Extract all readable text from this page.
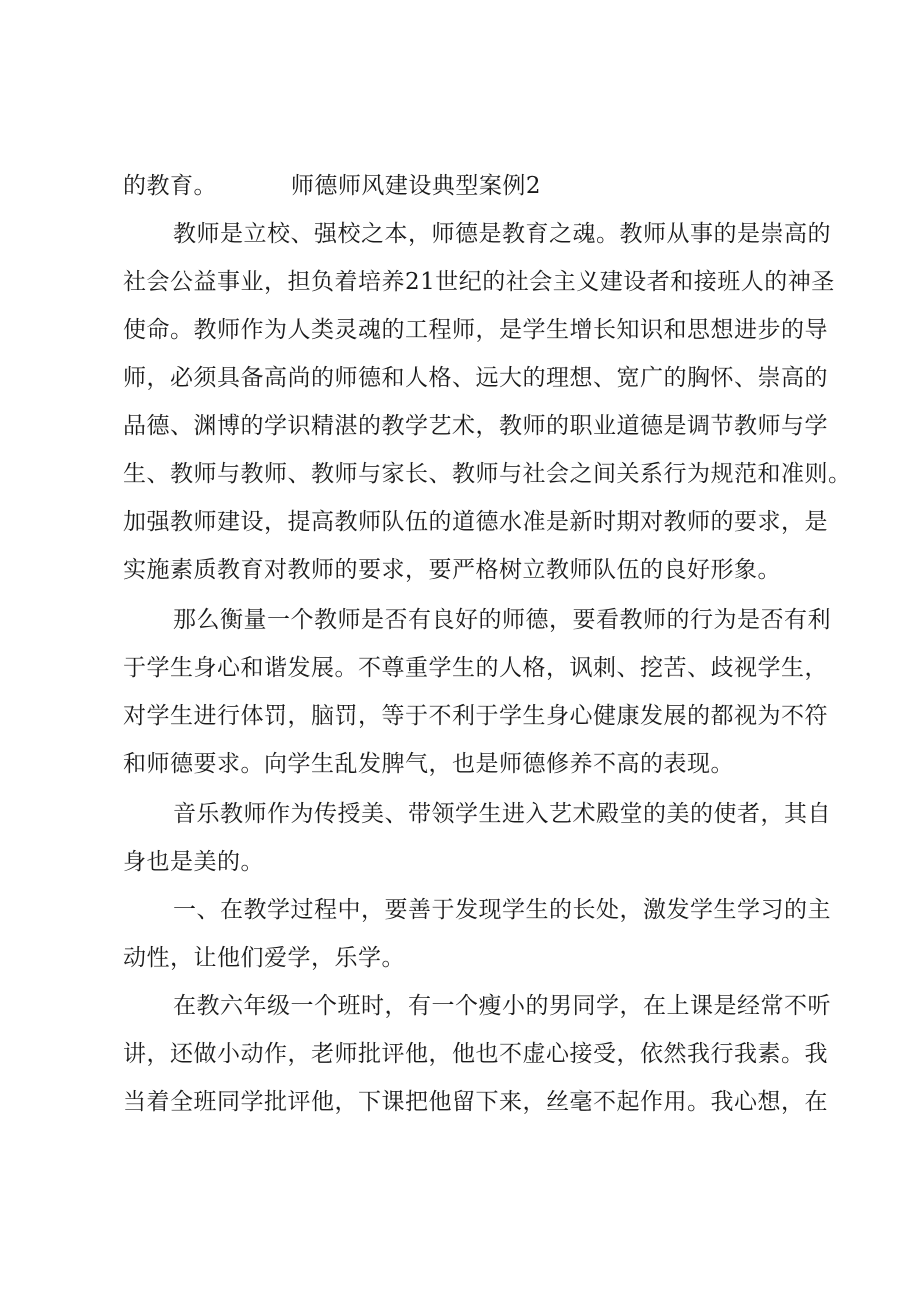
的教育。	师德师风建设典型案例2
教师是立校、强校之本，师德是教育之魂。教师从事的是崇高的
社会公益事业，担负着培养21世纪的社会主义建设者和接班人的神圣
使命。教师作为人类灵魂的工程师，是学生增长知识和思想进步的导
师，必须具备高尚的师德和人格、远大的理想、宽广的胸怀、崇高的
品德、渊博的学识精湛的教学艺术，教师的职业道德是调节教师与学
生、教师与教师、教师与家长、教师与社会之间关系行为规范和准则。
加强教师建设，提高教师队伍的道德水准是新时期对教师的要求，是
实施素质教育对教师的要求，要严格树立教师队伍的良好形象。
那么衡量一个教师是否有良好的师德，要看教师的行为是否有利
于学生身心和谐发展。不尊重学生的人格，讽刺、挖苦、歧视学生，
对学生进行体罚，脑罚，等于不利于学生身心健康发展的都视为不符
和师德要求。向学生乱发脾气，也是师德修养不高的表现。
音乐教师作为传授美、带领学生进入艺术殿堂的美的使者，其自
身也是美的。
一、在教学过程中，要善于发现学生的长处，激发学生学习的主
动性，让他们爱学，乐学。
在教六年级一个班时，有一个瘦小的男同学，在上课是经常不听
讲，还做小动作，老师批评他，他也不虚心接受，依然我行我素。我
当着全班同学批评他，下课把他留下来，丝毫不起作用。我心想，在
